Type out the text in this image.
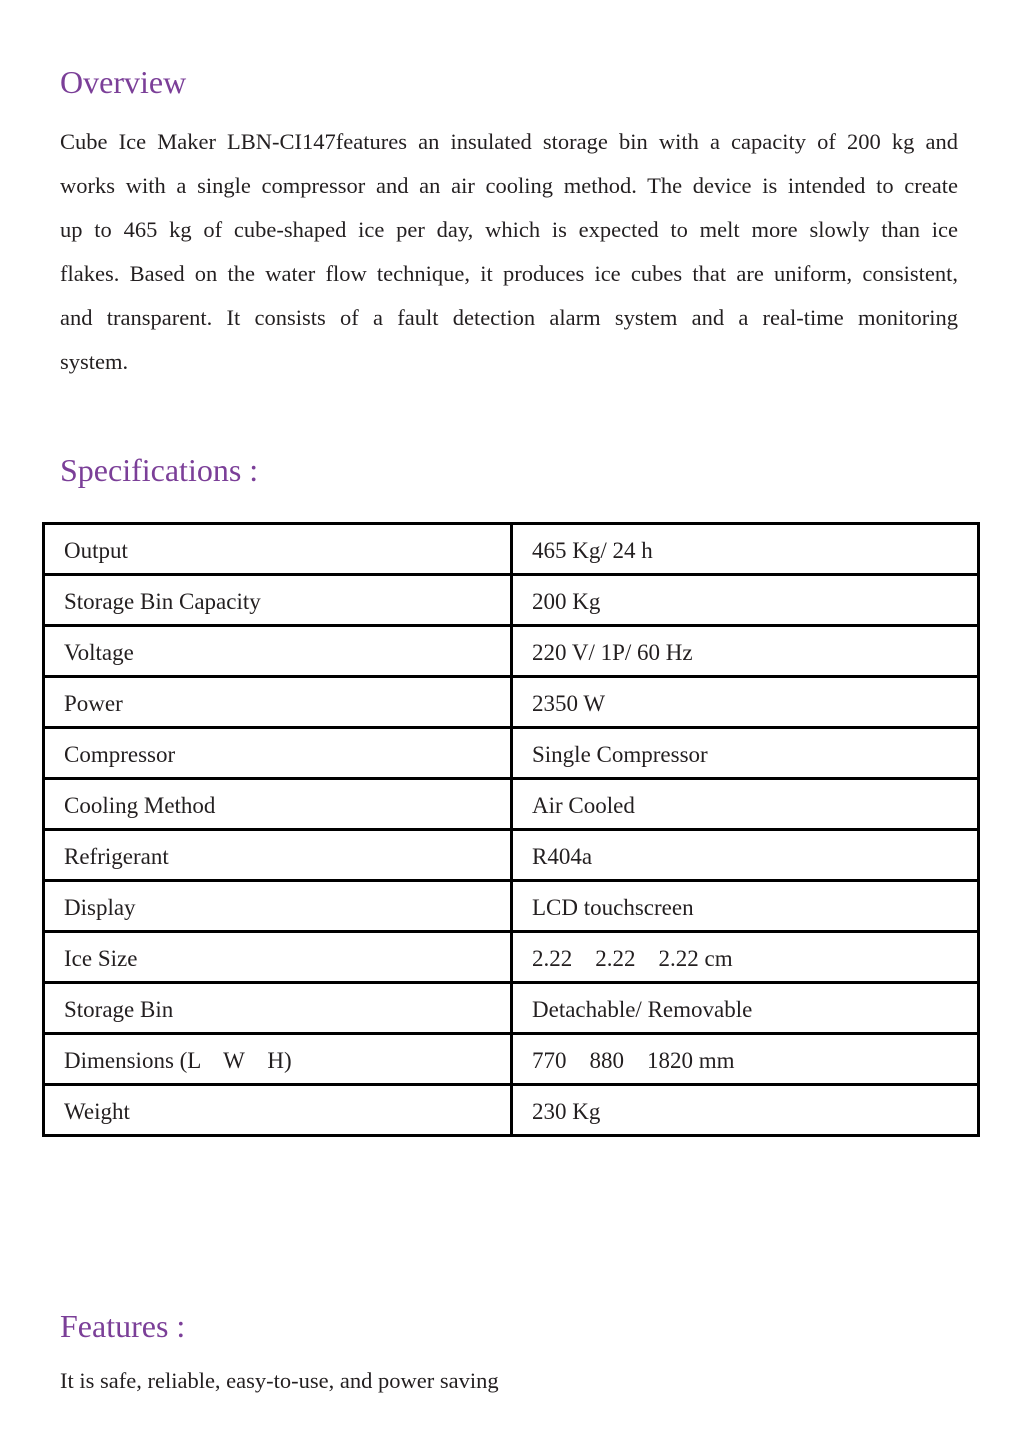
Overview

Cube Ice Maker LBN-CI147features an insulated storage bin with a capacity of 200 kg and works with a single compressor and an air cooling method. The device is intended to create up to 465 kg of cube-shaped ice per day, which is expected to melt more slowly than ice flakes. Based on the water flow technique, it produces ice cubes that are uniform, consistent, and transparent. It consists of a fault detection alarm system and a real-time monitoring system.

Specifications :
Output	465 Kg/ 24 h
Storage Bin Capacity	200 Kg
Voltage	220 V/ 1P/ 60 Hz
Power	2350 W
Compressor	Single Compressor
Cooling Method	Air Cooled
Refrigerant	R404a
Display	LCD touchscreen
Ice Size	2.22    2.22    2.22 cm
Storage Bin	Detachable/ Removable
Dimensions (L    W    H)	770    880    1820 mm
Weight	230 Kg
Features :

It is safe, reliable, easy-to-use, and power saving
